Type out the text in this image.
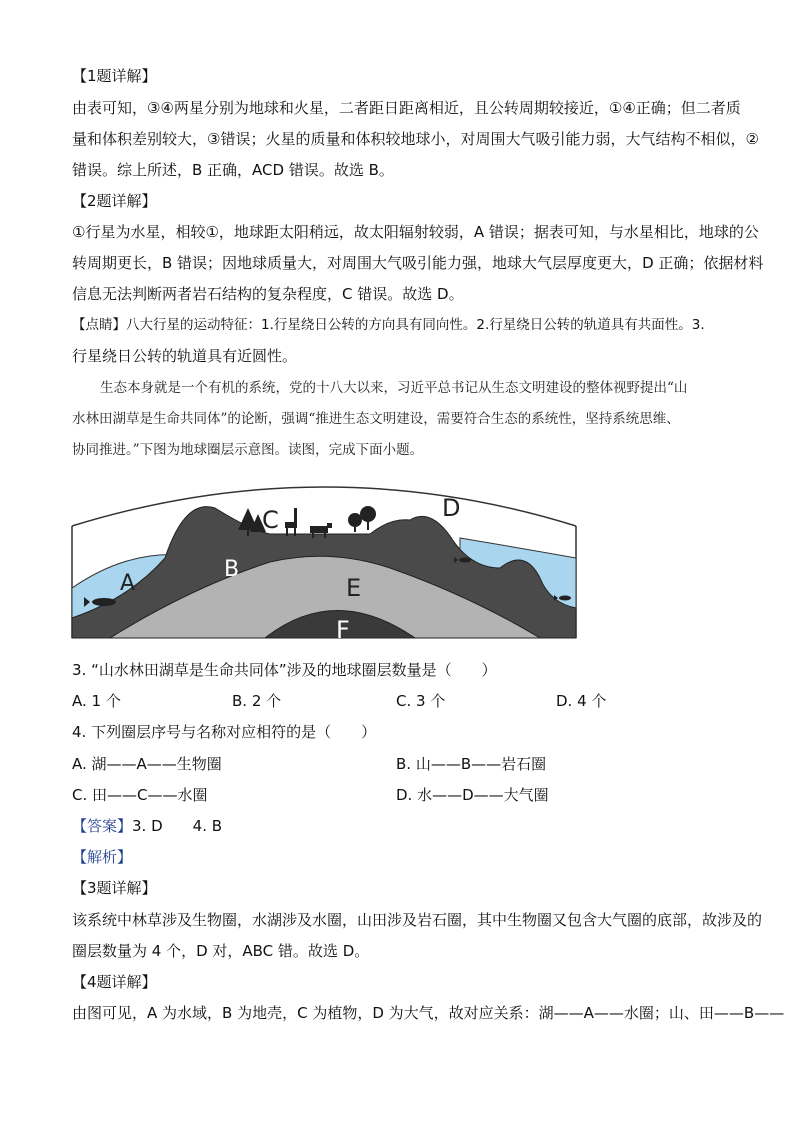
【1题详解】
由表可知，③④两星分别为地球和火星，二者距日距离相近，且公转周期较接近，①④正确；但二者质
量和体积差别较大，③错误；火星的质量和体积较地球小，对周围大气吸引能力弱，大气结构不相似，②
错误。综上所述，B 正确，ACD 错误。故选 B。
【2题详解】
①行星为水星，相较①，地球距太阳稍远，故太阳辐射较弱，A 错误；据表可知，与水星相比，地球的公
转周期更长，B 错误；因地球质量大，对周围大气吸引能力强，地球大气层厚度更大，D 正确；依据材料
信息无法判断两者岩石结构的复杂程度，C 错误。故选 D。
【点睛】八大行星的运动特征：1.行星绕日公转的方向具有同向性。2.行星绕日公转的轨道具有共面性。3.
行星绕日公转的轨道具有近圆性。
生态本身就是一个有机的系统，党的十八大以来，习近平总书记从生态文明建设的整体视野提出“山
水林田湖草是生命共同体”的论断，强调“推进生态文明建设，需要符合生态的系统性，坚持系统思维、
协同推进。”下图为地球圈层示意图。读图，完成下面小题。
A
B
C	D
E
F
3. “山水林田湖草是生命共同体”涉及的地球圈层数量是（　　）
A. 1 个	B. 2 个	C. 3 个	D. 4 个
4. 下列圈层序号与名称对应相符的是（　　）
A. 湖——A——生物圈	B. 山——B——岩石圈
C. 田——C——水圈	D. 水——D——大气圈
【答案】3. D　　4. B
【解析】
【3题详解】
该系统中林草涉及生物圈，水湖涉及水圈，山田涉及岩石圈，其中生物圈又包含大气圈的底部，故涉及的
圈层数量为 4 个，D 对，ABC 错。故选 D。
【4题详解】
由图可见，A 为水域，B 为地壳，C 为植物，D 为大气，故对应关系：湖——A——水圈；山、田——B——
